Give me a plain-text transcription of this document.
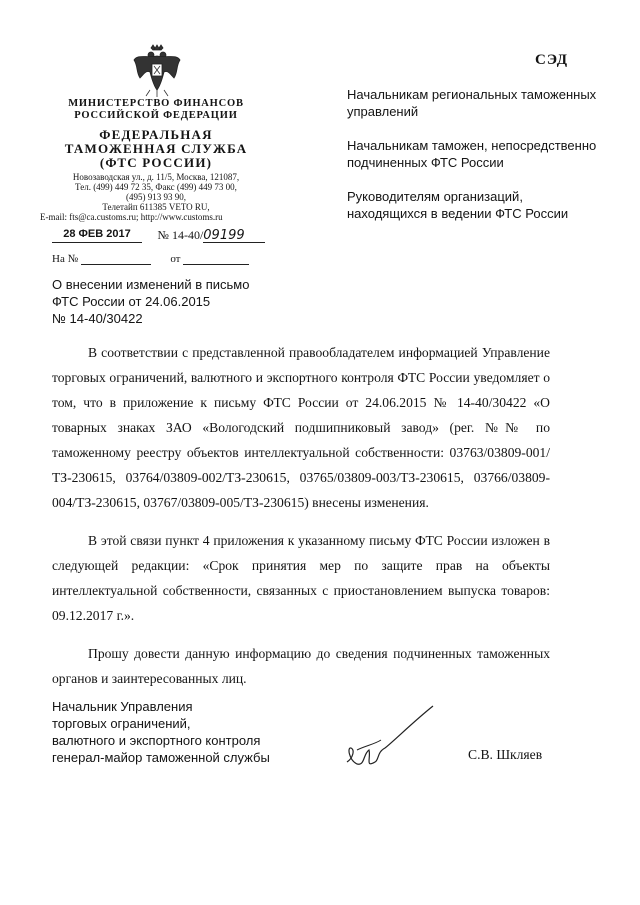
СЭД
МИНИСТЕРСТВО ФИНАНСОВ
РОССИЙСКОЙ ФЕДЕРАЦИИ
ФЕДЕРАЛЬНАЯ
ТАМОЖЕННАЯ СЛУЖБА
(ФТС РОССИИ)
Новозаводская ул., д. 11/5, Москва, 121087,
Тел. (499) 449 72 35, Факс (499) 449 73 00,
(495) 913 93 90,
Телетайп 611385 VETO RU,
E-mail: fts@ca.customs.ru; http://www.customs.ru
28 ФЕВ 2017 № 14-40/09199
На №	от
Начальникам региональных таможенных управлений
Начальникам таможен, непосредственно подчиненных ФТС России
Руководителям организаций, находящихся в ведении ФТС России
О внесении изменений в письмо
ФТС России от 24.06.2015
№ 14-40/30422

В соответствии с представленной правообладателем информацией Управление торговых ограничений, валютного и экспортного контроля ФТС России уведомляет о том, что в приложение к письму ФТС России от 24.06.2015 № 14-40/30422 «О товарных знаках ЗАО «Вологодский подшипниковый завод» (рег. №№ по таможенному реестру объектов интеллектуальной собственности: 03763/03809-001/ТЗ-230615, 03764/03809-002/ТЗ-230615, 03765/03809-003/ТЗ-230615, 03766/03809-004/ТЗ-230615, 03767/03809-005/ТЗ-230615) внесены изменения.

В этой связи пункт 4 приложения к указанному письму ФТС России изложен в следующей редакции: «Срок принятия мер по защите прав на объекты интеллектуальной собственности, связанных с приостановлением выпуска товаров: 09.12.2017 г.».

Прошу довести данную информацию до сведения подчиненных таможенных органов и заинтересованных лиц.

Начальник Управления
торговых ограничений,
валютного и экспортного контроля
генерал-майор таможенной службы	С.В. Шкляев
